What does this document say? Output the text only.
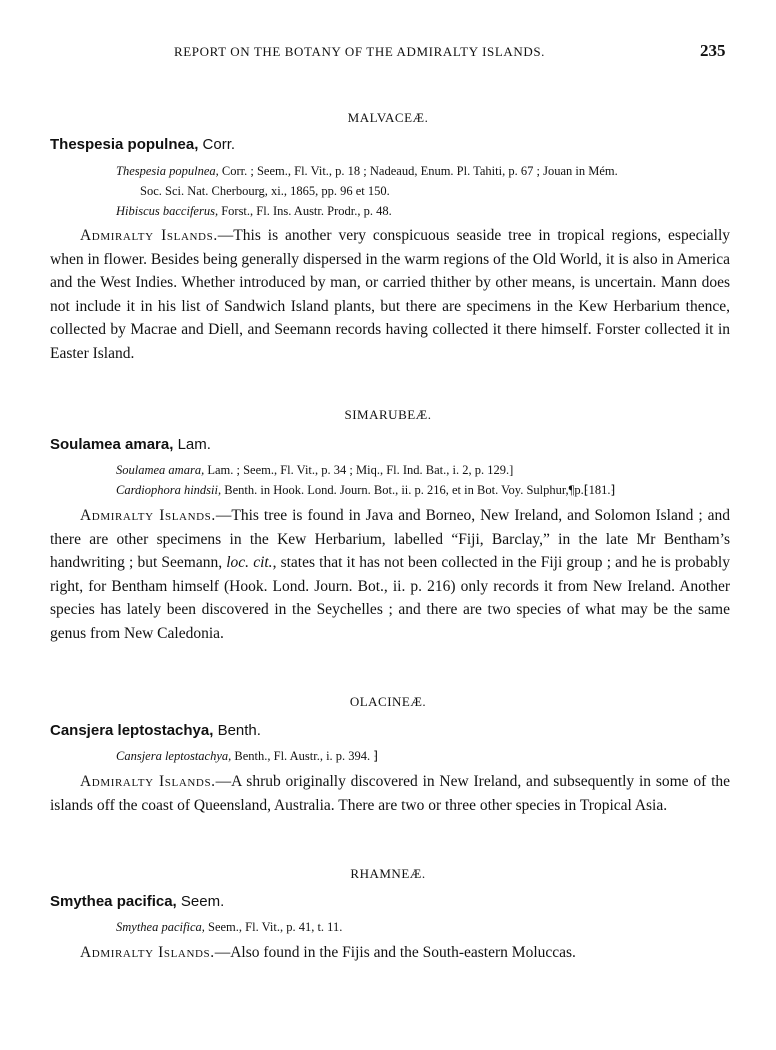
REPORT ON THE BOTANY OF THE ADMIRALTY ISLANDS.	235
MALVACEÆ.
Thespesia populnea, Corr.
Thespesia populnea, Corr. ; Seem., Fl. Vit., p. 18 ; Nadeaud, Enum. Pl. Tahiti, p. 67 ; Jouan in Mém.
Soc. Sci. Nat. Cherbourg, xi., 1865, pp. 96 et 150.
Hibiscus bacciferus, Forst., Fl. Ins. Austr. Prodr., p. 48.

Admiralty Islands.—This is another very conspicuous seaside tree in tropical regions, especially when in flower. Besides being generally dispersed in the warm regions of the Old World, it is also in America and the West Indies. Whether introduced by man, or carried thither by other means, is uncertain. Mann does not include it in his list of Sandwich Island plants, but there are specimens in the Kew Herbarium thence, collected by Macrae and Diell, and Seemann records having collected it there himself. Forster collected it in Easter Island.

SIMARUBEÆ.
Soulamea amara, Lam.
Soulamea amara, Lam. ; Seem., Fl. Vit., p. 34 ; Miq., Fl. Ind. Bat., i. 2, p. 129.]
Cardiophora hindsii, Benth. in Hook. Lond. Journ. Bot., ii. p. 216, et in Bot. Voy. Sulphur,¶p.⁅181.⁆

Admiralty Islands.—This tree is found in Java and Borneo, New Ireland, and Solomon Island ; and there are other specimens in the Kew Herbarium, labelled “Fiji, Barclay,” in the late Mr Bentham’s handwriting ; but Seemann, loc. cit., states that it has not been collected in the Fiji group ; and he is probably right, for Bentham himself (Hook. Lond. Journ. Bot., ii. p. 216) only records it from New Ireland. Another species has lately been discovered in the Seychelles ; and there are two species of what may be the same genus from New Caledonia.

OLACINEÆ.
Cansjera leptostachya, Benth.
Cansjera leptostachya, Benth., Fl. Austr., i. p. 394. ⁆

Admiralty Islands.—A shrub originally discovered in New Ireland, and subsequently in some of the islands off the coast of Queensland, Australia. There are two or three other species in Tropical Asia.

RHAMNEÆ.
Smythea pacifica, Seem.
Smythea pacifica, Seem., Fl. Vit., p. 41, t. 11.

Admiralty Islands.—Also found in the Fijis and the South-eastern Moluccas.
